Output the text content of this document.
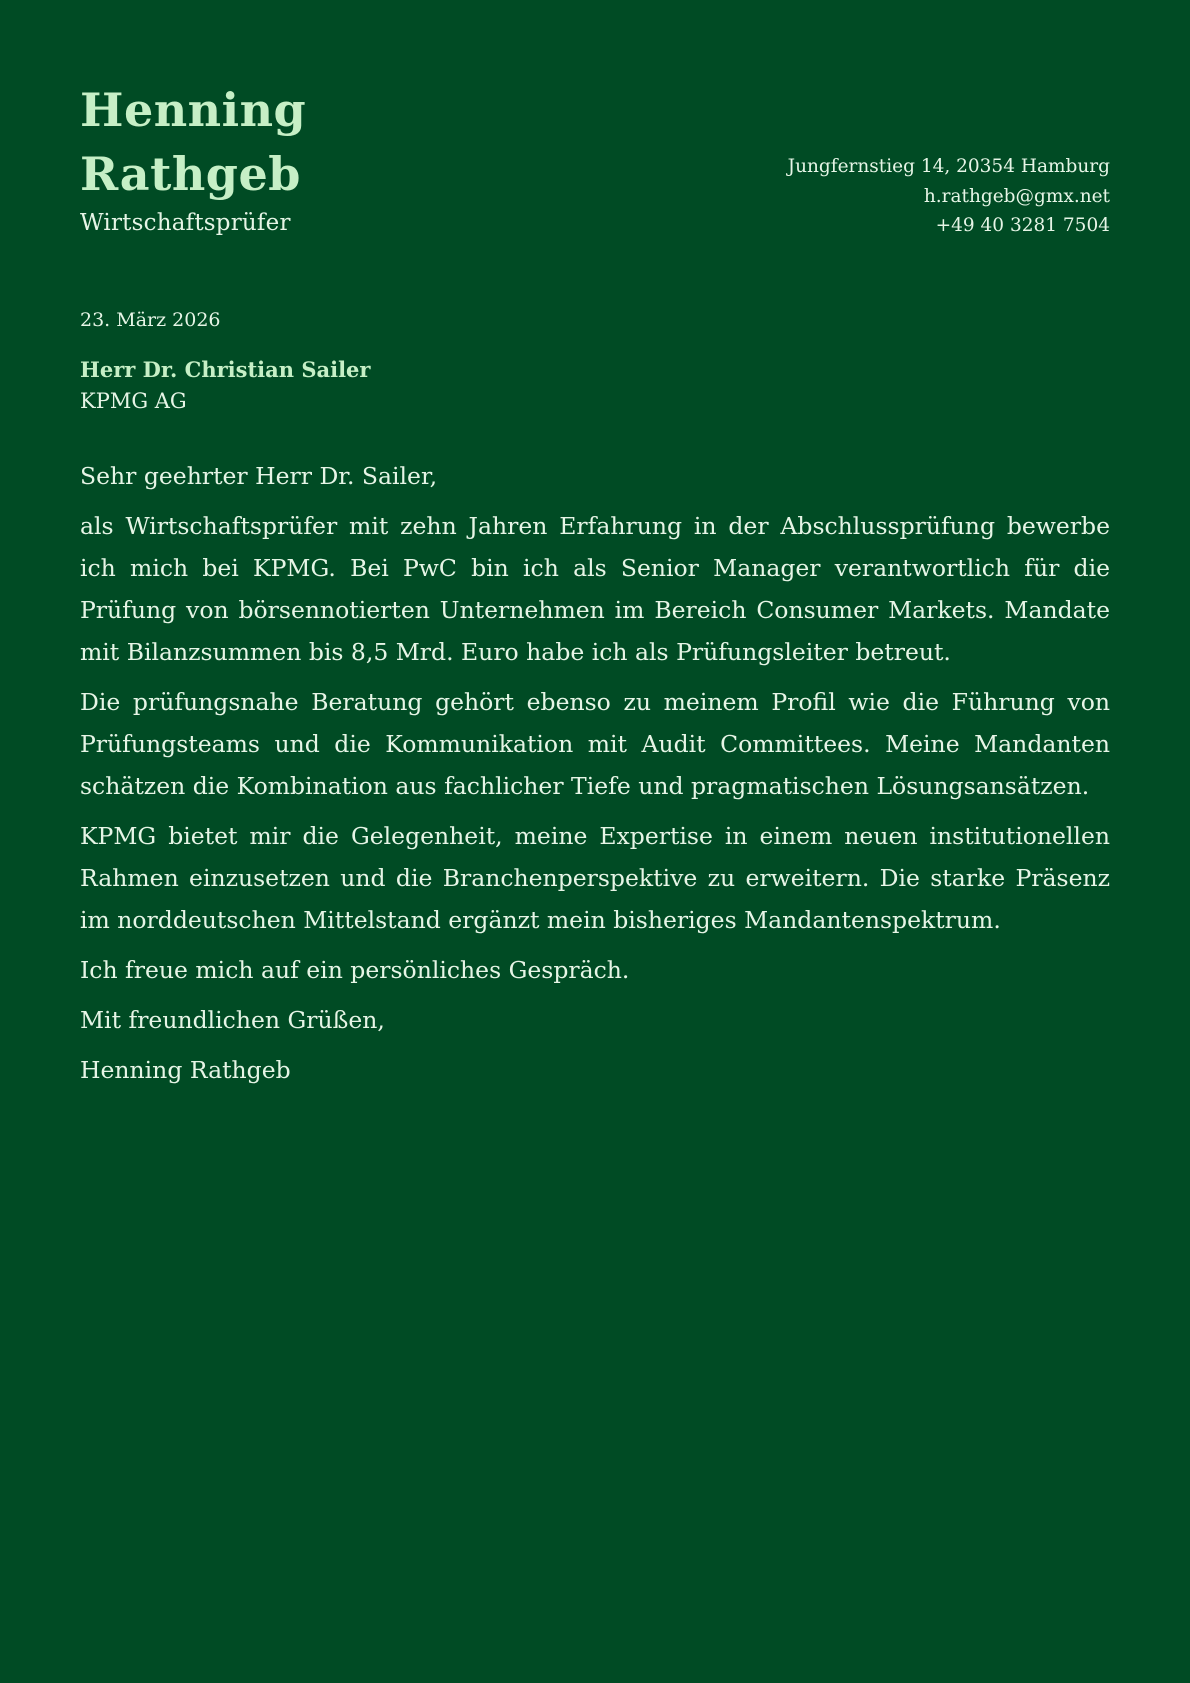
Henning
Rathgeb
Wirtschaftsprüfer
Jungfernstieg 14, 20354 Hamburg
h.rathgeb@gmx.net
+49 40 3281 7504
23. März 2026
Herr Dr. Christian Sailer
KPMG AG

Sehr geehrter Herr Dr. Sailer,

als Wirtschaftsprüfer mit zehn Jahren Erfahrung in der Abschlussprüfung bewerbe ich mich bei KPMG. Bei PwC bin ich als Senior Manager verantwortlich für die Prüfung von börsennotierten Unternehmen im Bereich Consumer Markets. Mandate mit Bilanzsummen bis 8,5 Mrd. Euro habe ich als Prüfungsleiter betreut.

Die prüfungsnahe Beratung gehört ebenso zu meinem Profil wie die Führung von Prüfungsteams und die Kommunikation mit Audit Committees. Meine Mandanten schätzen die Kombination aus fachlicher Tiefe und pragmatischen Lösungsansätzen.

KPMG bietet mir die Gelegenheit, meine Expertise in einem neuen institutionellen Rahmen einzusetzen und die Branchenperspektive zu erweitern. Die starke Präsenz im norddeutschen Mittelstand ergänzt mein bisheriges Mandantenspektrum.

Ich freue mich auf ein persönliches Gespräch.

Mit freundlichen Grüßen,

Henning Rathgeb
